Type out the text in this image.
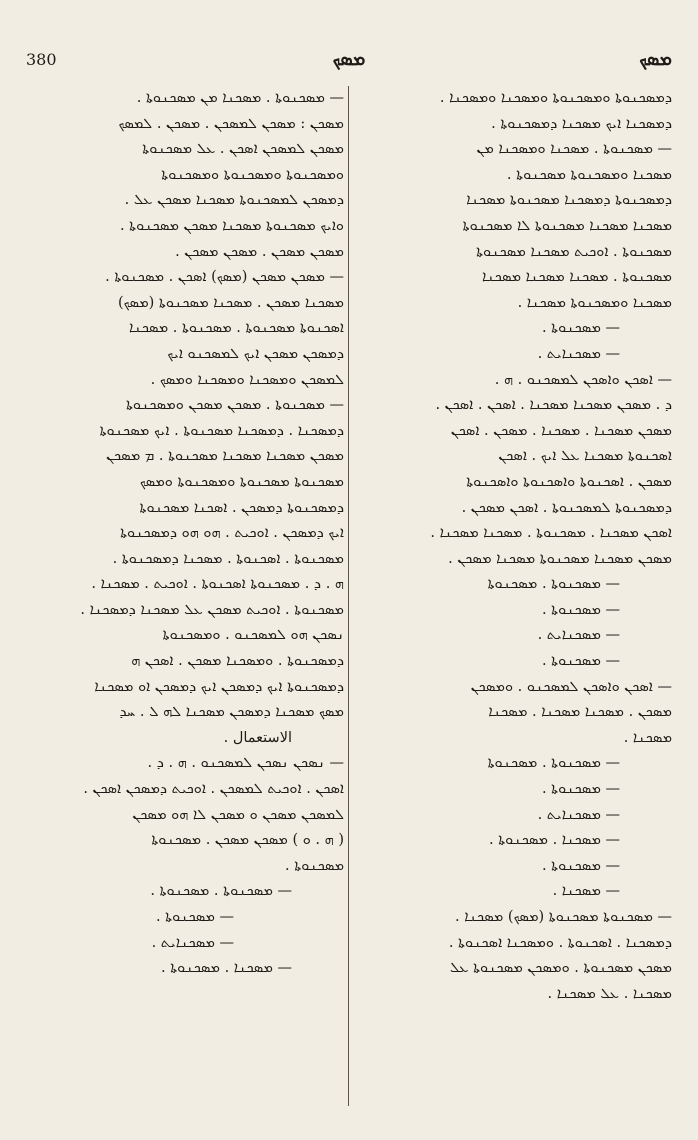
380	ܡܣܟ	ܡܣܟ
ܕܡܣܟܢܘܬܐ ܘܡܣܟܢܘܬܐ ܘܡܣܟܢܐ ܘܡܣܟܢܐ .
ܕܡܣܟܢܐ ܐܝܟ ܡܣܟܢܐ ܕܡܣܟܢܘܬܐ .
— ܡܣܟܢܘܬܐ . ܡܣܟܢܐ ܘܡܣܟܢܐ ܡܢ
ܡܣܟܢܐ ܘܡܣܟܢܘܬܐ ܡܣܟܢܘܬܐ .
ܕܡܣܟܢܘܬܐ ܕܡܣܟܢܐ ܡܣܟܢܘܬܐ ܡܣܟܢܐ
ܡܣܟܢܐ ܡܣܟܢܐ ܡܣܟܢܘܬܐ ܠܐ ܡܣܟܢܘܬܐ
ܡܣܟܢܘܬܐ . ܐܘܟܝܬ ܡܣܟܢܐ ܡܣܟܢܘܬܐ
ܡܣܟܢܘܬܐ . ܡܣܟܢܐ ܡܣܟܢܐ ܡܣܟܢܐ
ܡܣܟܢܐ ܘܡܣܟܢܘܬܐ ܡܣܟܢܐ .
— ܡܣܟܢܘܬܐ .
— ܡܣܟܢܐܝܬ .
— ܐܣܟܢ ܘܐܣܟܢ ܠܡܣܟܢܘ . ܗ .
ܕ . ܡܣܟܢ ܡܣܟܢܐ ܡܣܟܢܐ . ܐܣܟܢ . ܐܣܟܢ .
ܡܣܟܢ ܡܣܟܢܐ . ܡܣܟܢܐ . ܡܣܟܢ . ܐܣܟܢ
ܐܣܟܢܘܬܐ ܡܣܟܢܐ ܥܠ ܐܝܟ . ܐܣܟܢ
ܡܣܟܢ . ܐܣܟܢܘܬܐ ܘܐܣܟܢܘܬܐ ܘܐܣܟܢܘܬܐ
ܕܡܣܟܢܘܬܐ ܠܡܣܟܢܘܬܐ . ܐܣܟܢ ܡܣܟܢ .
ܐܣܟܢ ܡܣܟܢܐ . ܡܣܟܢܘܬܐ . ܡܣܟܢܐ ܡܣܟܢܐ .
ܡܣܟܢ ܡܣܟܢܐ ܡܣܟܢܘܬܐ ܡܣܟܢܐ ܡܣܟܢ .
— ܡܣܟܢܘܬܐ . ܡܣܟܢܘܬܐ
— ܡܣܟܢܘܬܐ .
— ܡܣܟܢܐܝܬ .
— ܡܣܟܢܘܬܐ .
— ܐܣܟܢ ܘܐܣܟܢ ܠܡܣܟܢܘ . ܘܡܣܟܢ
ܡܣܟܢ . ܡܣܟܢܐ ܡܣܟܢܐ . ܡܣܟܢܐ
ܡܣܟܢܐ .
— ܡܣܟܢܘܬܐ . ܡܣܟܢܘܬܐ
— ܡܣܟܢܘܬܐ .
— ܡܣܟܢܐܝܬ .
— ܡܣܟܢܐ . ܡܣܟܢܘܬܐ .
— ܡܣܟܢܘܬܐ .
— ܡܣܟܢܐ .
— ܡܣܟܢܘܬܐ ܡܣܟܢܘܬܐ (ܡܣܟ) ܡܣܟܢܐ .
ܕܡܣܟܢܐ . ܐܣܟܢܘܬܐ . ܘܡܣܟܢܐ ܐܣܟܢܘܬܐ .
ܡܣܟܢ ܡܣܟܢܘܬܐ . ܘܡܣܟܢ ܡܣܟܢܘܬܐ ܥܠ
ܡܣܟܢܐ . ܥܠ ܡܣܟܢܐ .
— ܡܣܟܢܘܬܐ . ܡܣܟܢܐ ܡܢ ܡܣܟܢܘܬܐ .
ܡܣܟܢ : ܡܣܟܢ ܠܡܣܟܢ . ܡܣܟܢ . ܠܡܣܟ
ܡܣܟܢ ܠܡܣܟܢ ܐܣܟܢ . ܥܠ ܡܣܟܢܘܬܐ
ܘܡܣܟܢܘܬܐ ܘܡܣܟܢܘܬܐ ܘܡܣܟܢܘܬܐ
ܕܡܣܟܢ ܠܡܣܟܢܘܬܐ ܡܣܟܢܐ ܡܣܟܢ ܥܠ .
ܘܐܝܟ ܡܣܟܢܘܬܐ ܡܣܟܢܐ ܡܣܟܢ ܡܣܟܢܘܬܐ .
ܡܣܟܢ ܡܣܟܢ . ܡܣܟܢ ܡܣܟܢ .
— ܡܣܟܢ ܡܣܟܢ (ܡܣܟ) ܐܣܟܢ . ܡܣܟܢܘܬܐ .
ܡܣܟܢܐ ܡܣܟܢ . ܡܣܟܢܐ ܡܣܟܢܘܬܐ (ܡܣܟ)
ܐܣܟܢܘܬܐ ܡܣܟܢܘܬܐ . ܡܣܟܢܘܬܐ . ܡܣܟܢܐ
ܕܡܣܟܢ ܡܣܟܢ ܐܝܟ ܠܡܣܟܢܘ ܐܝܟ
ܠܡܣܟܢ ܘܡܣܟܢܐ ܘܡܣܟܢܐ ܘܡܣܟ .
— ܡܣܟܢܘܬܐ . ܡܣܟܢ ܡܣܟܢ ܘܡܣܟܢܘܬܐ
ܕܡܣܟܢܐ . ܕܡܣܟܢܐ ܡܣܟܢܘܬܐ . ܐܝܟ ܡܣܟܢܘܬܐ
ܡܣܟܢ ܡܣܟܢܐ ܡܣܟܢܐ ܡܣܟܢܘܬܐ . ܡ ܡܣܟܢ
ܡܣܟܢܘܬܐ ܡܣܟܢܘܬܐ ܘܡܣܟܢܘܬܐ ܘܡܣܟ
ܕܡܣܟܢܘܬܐ ܕܡܣܟܢ . ܐܣܟܢܐ ܡܣܟܢܘܬܐ
ܐܝܟ ܕܡܣܟܢ . ܐܘܟܝܬ . ܗܘ ܗܘ ܕܡܣܟܢܘܬܐ
ܡܣܟܢܘܬܐ . ܐܣܟܢܘܬܐ . ܡܣܟܢܐ ܕܡܣܟܢܘܬܐ .
ܗ . ܕ . ܡܣܟܢܘܬܐ ܐܣܟܢܘܬܐ . ܐܘܟܝܬ . ܡܣܟܢܐ .
ܡܣܟܢܘܬܐ . ܐܘܟܝܬ ܡܣܟܢ ܥܠ ܡܣܟܢܐ ܕܡܣܟܢܐ .
ܢܣܟܢ ܗܘ ܠܡܣܟܢܘ . ܘܡܣܟܢܘܬܐ
ܕܡܣܟܢܘܬܐ . ܘܡܣܟܢܐ ܡܣܟܢ . ܐܣܟܢ ܗ
ܕܡܣܟܢܘܬܐ ܐܝܟ ܕܡܣܟܢ ܐܝܟ ܕܡܣܟܢ ܐܘ ܡܣܟܢܐ
ܡܣܟ ܡܣܟܢܐ ܕܡܣܟܢ ܡܣܟܢܐ ܠܗ ܠ . ܚܕ
الاستعمال .
— ܢܣܟܢ ܢܣܟܢ ܠܡܣܟܢܘ . ܗ . ܕ .
ܐܣܟܢ . ܐܘܟܝܬ ܠܡܣܟܢ . ܐܘܟܝܬ ܕܡܣܟܢ ܐܣܟܢ .
ܠܡܣܟܢ ܡܣܟܢ ܘ ܡܣܟܢ ܠܐ ܗܘ ܡܣܟܢ
( ܗ . ܘ ) ܡܣܟܢ ܡܣܟܢ . ܡܣܟܢܘܬܐ
ܡܣܟܢܘܬܐ .
— ܡܣܟܢܘܬܐ . ܡܣܟܢܘܬܐ .
— ܡܣܟܢܘܬܐ .
— ܡܣܟܢܐܝܬ .
— ܡܣܟܢܐ . ܡܣܟܢܘܬܐ .
